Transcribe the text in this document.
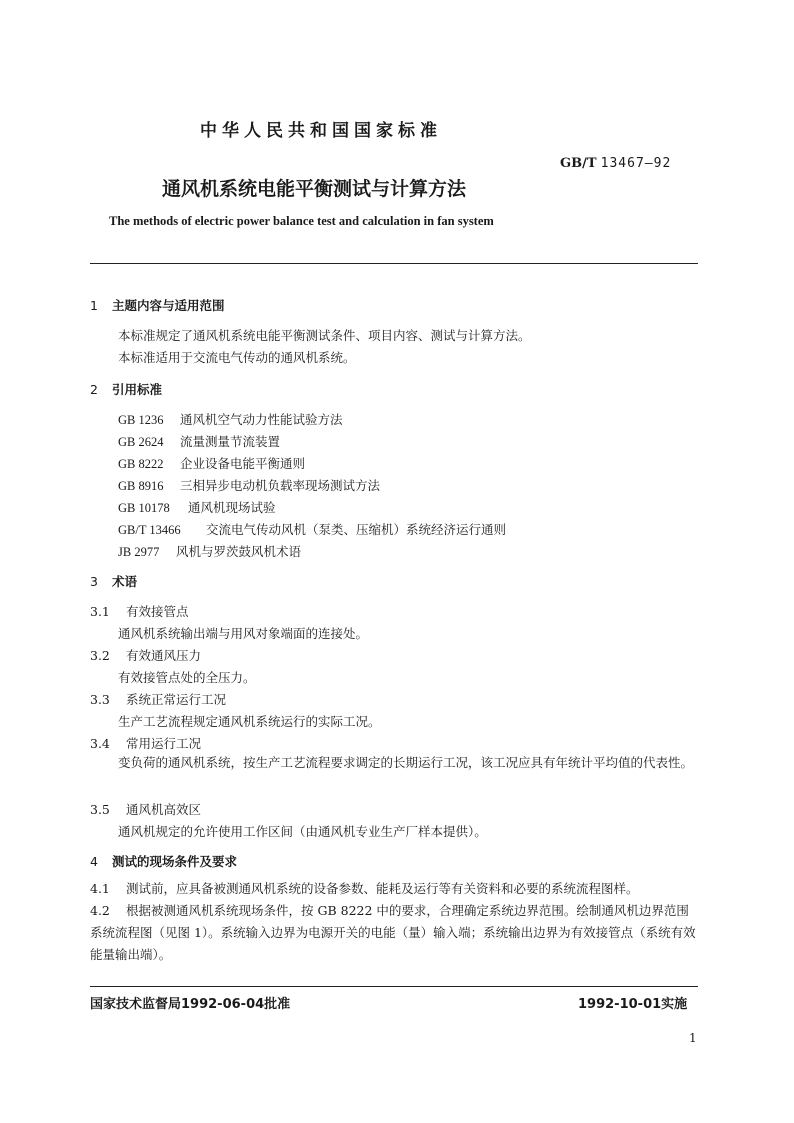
中华人民共和国国家标准
GB/T 13467—92
通风机系统电能平衡测试与计算方法
The methods of electric power balance test and calculation in fan system
1 主题内容与适用范围
本标准规定了通风机系统电能平衡测试条件、项目内容、测试与计算方法。
本标准适用于交流电气传动的通风机系统。
2 引用标准
GB 1236 通风机空气动力性能试验方法
GB 2624 流量测量节流装置
GB 8222 企业设备电能平衡通则
GB 8916 三相异步电动机负载率现场测试方法
GB 10178 通风机现场试验
GB/T 13466 交流电气传动风机（泵类、压缩机）系统经济运行通则
JB 2977 风机与罗茨鼓风机术语
3 术语
3.1 有效接管点
通风机系统输出端与用风对象端面的连接处。
3.2 有效通风压力
有效接管点处的全压力。
3.3 系统正常运行工况
生产工艺流程规定通风机系统运行的实际工况。
3.4 常用运行工况
变负荷的通风机系统，按生产工艺流程要求调定的长期运行工况，该工况应具有年统计平均值的代表性。
3.5 通风机高效区
通风机规定的允许使用工作区间（由通风机专业生产厂样本提供）。
4 测试的现场条件及要求
4.1 测试前，应具备被测通风机系统的设备参数、能耗及运行等有关资料和必要的系统流程图样。
4.2 根据被测通风机系统现场条件，按 GB 8222 中的要求，合理确定系统边界范围。绘制通风机边界范围系统流程图（见图 1）。系统输入边界为电源开关的电能（量）输入端；系统输出边界为有效接管点（系统有效能量输出端）。
国家技术监督局1992-06-04批准	1992-10-01实施
1
